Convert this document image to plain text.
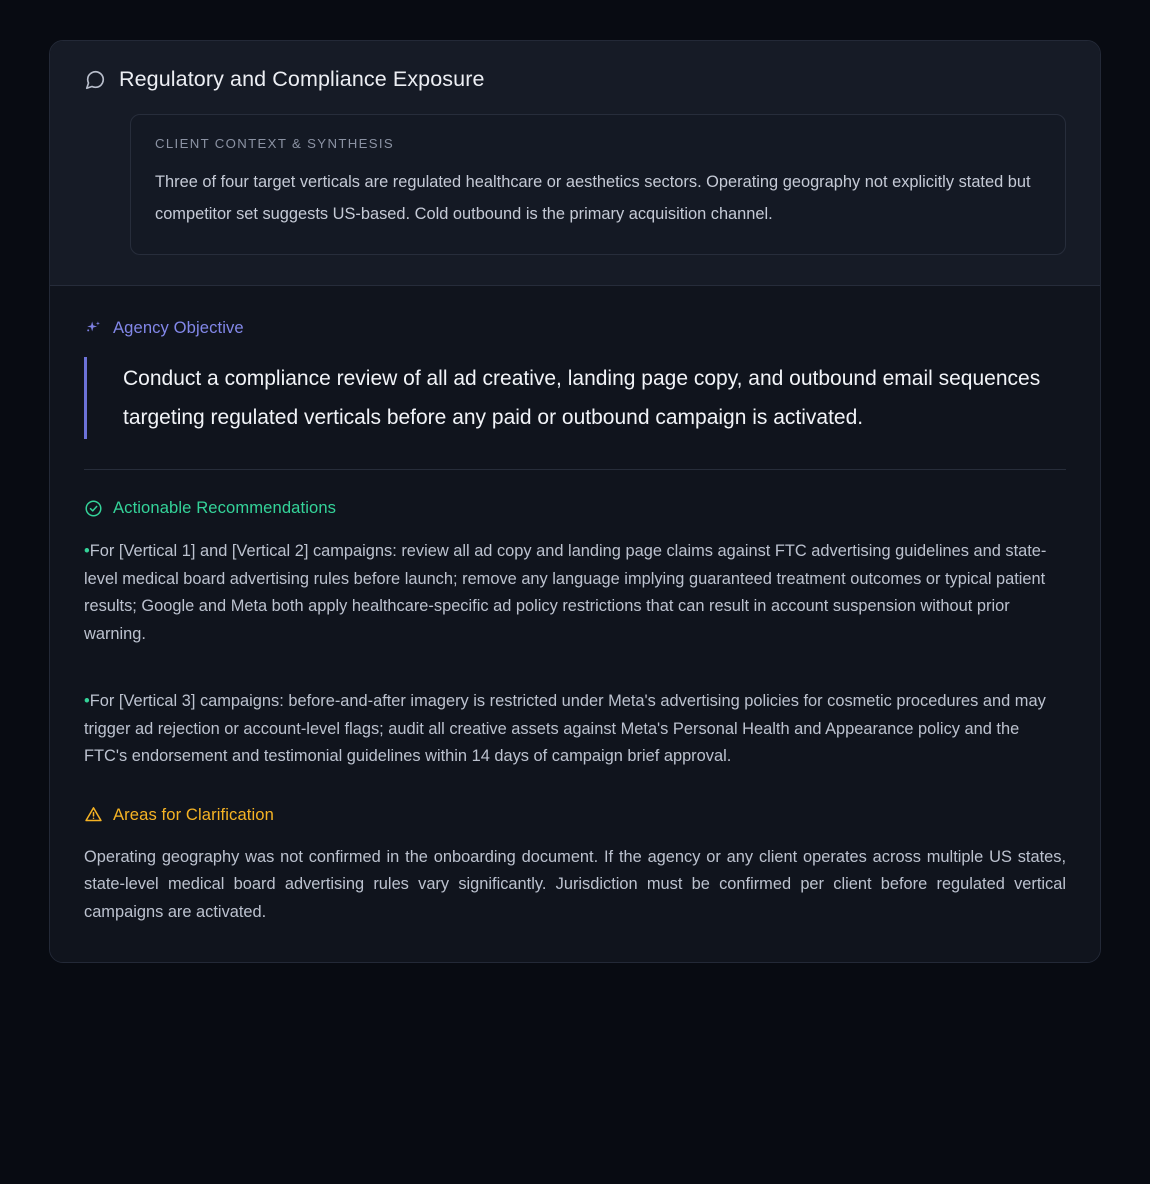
Regulatory and Compliance Exposure
CLIENT CONTEXT & SYNTHESIS
Three of four target verticals are regulated healthcare or aesthetics sectors. Operating geography not explicitly stated but competitor set suggests US-based. Cold outbound is the primary acquisition channel.
Agency Objective
Conduct a compliance review of all ad creative, landing page copy, and outbound email sequences targeting regulated verticals before any paid or outbound campaign is activated.
Actionable Recommendations
•For [Vertical 1] and [Vertical 2] campaigns: review all ad copy and landing page claims against FTC advertising guidelines and state-level medical board advertising rules before launch; remove any language implying guaranteed treatment outcomes or typical patient results; Google and Meta both apply healthcare-specific ad policy restrictions that can result in account suspension without prior warning.
•For [Vertical 3] campaigns: before-and-after imagery is restricted under Meta's advertising policies for cosmetic procedures and may trigger ad rejection or account-level flags; audit all creative assets against Meta's Personal Health and Appearance policy and the FTC's endorsement and testimonial guidelines within 14 days of campaign brief approval.
Areas for Clarification
Operating geography was not confirmed in the onboarding document. If the agency or any client operates across multiple US states, state-level medical board advertising rules vary significantly. Jurisdiction must be confirmed per client before regulated vertical campaigns are activated.
